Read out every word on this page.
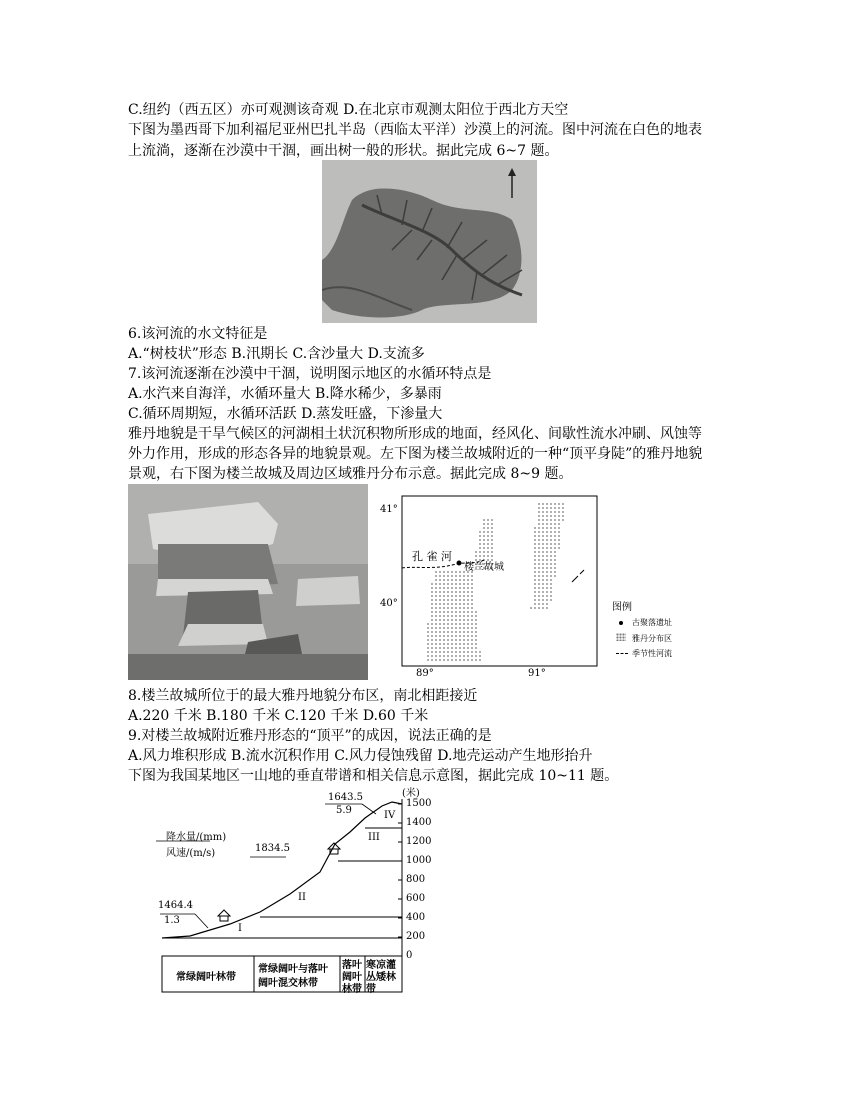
C.纽约（西五区）亦可观测该奇观 D.在北京市观测太阳位于西北方天空
下图为墨西哥下加利福尼亚州巴扎半岛（西临太平洋）沙漠上的河流。图中河流在白色的地表
上流淌，逐渐在沙漠中干涸，画出树一般的形状。据此完成 6~7 题。
6.该河流的水文特征是
A.“树枝状”形态 B.汛期长 C.含沙量大 D.支流多
7.该河流逐渐在沙漠中干涸，说明图示地区的水循环特点是
A.水汽来自海洋，水循环量大 B.降水稀少，多暴雨
C.循环周期短，水循环活跃 D.蒸发旺盛，下渗量大
雅丹地貌是干旱气候区的河湖相土状沉积物所形成的地面，经风化、间歇性流水冲刷、风蚀等
外力作用，形成的形态各异的地貌景观。左下图为楼兰故城附近的一种“顶平身陡”的雅丹地貌
景观，右下图为楼兰故城及周边区域雅丹分布示意。据此完成 8~9 题。
41°
40°
89°	91°
孔 雀 河
楼兰故城
图例
古聚落遗址
雅丹分布区
季节性河流
8.楼兰故城所位于的最大雅丹地貌分布区，南北相距接近
A.220 千米 B.180 千米 C.120 千米 D.60 千米
9.对楼兰故城附近雅丹形态的“顶平”的成因，说法正确的是
A.风力堆积形成 B.流水沉积作用 C.风力侵蚀残留 D.地壳运动产生地形抬升
下图为我国某地区一山地的垂直带谱和相关信息示意图，据此完成 10~11 题。
(米)
1500
1400
1200
1000
800
600
400
200
0
降水量/(mm)
风速/(m/s)
1643.5
5.9
1834.5
1464.4
1.3
I
II
III
IV
常绿阔叶林带
常绿阔叶与落叶
阔叶混交林带
落叶
阔叶
林带
寒凉灌
丛矮林
带
